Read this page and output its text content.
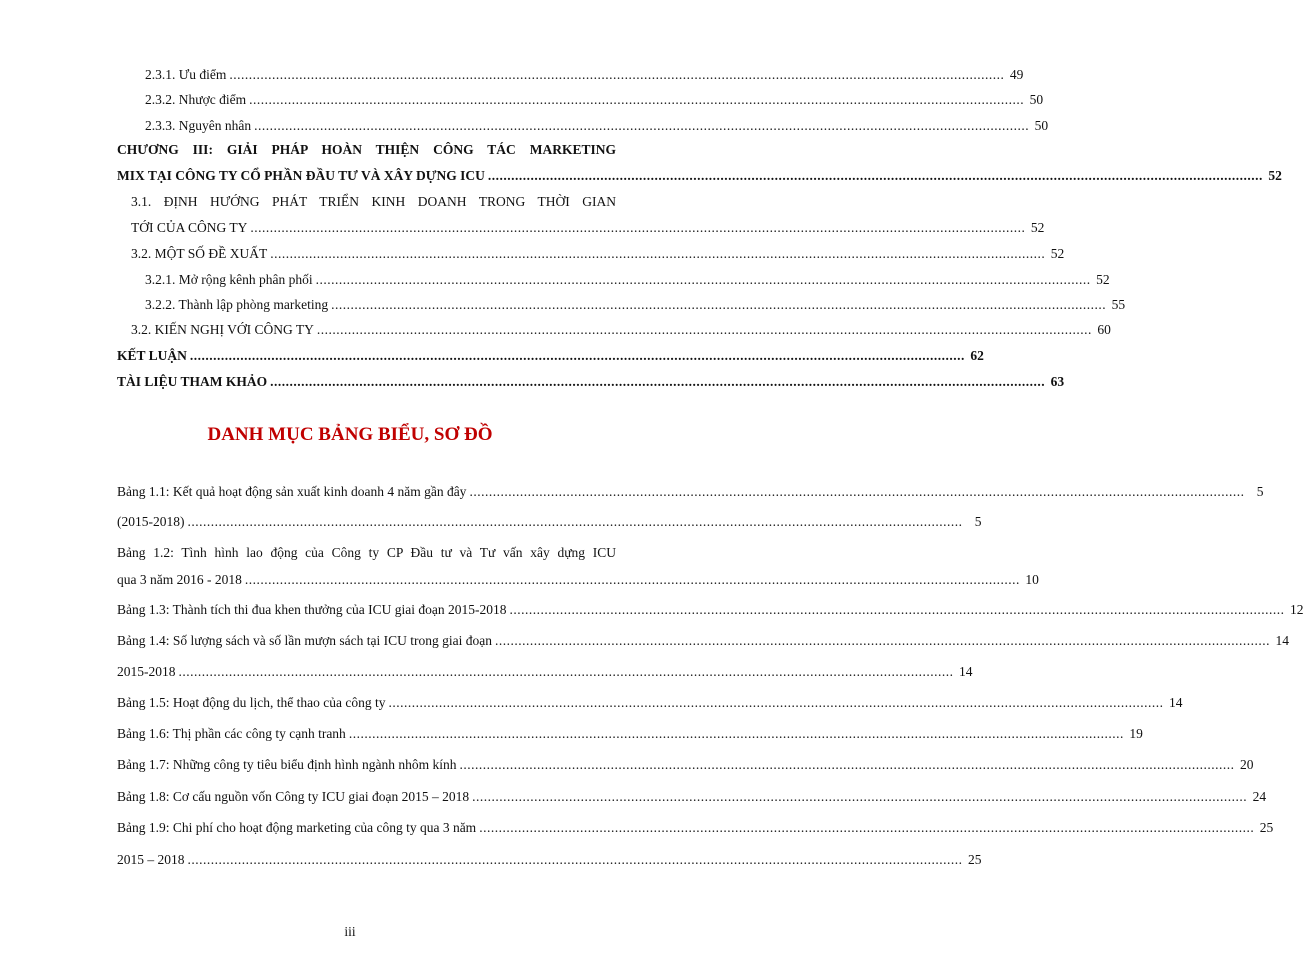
2.3.1. Ưu điểm ........................................................................................................................................................................................................ 49
2.3.2. Nhược điểm ........................................................................................................................................................................................................ 50
2.3.3. Nguyên nhân ........................................................................................................................................................................................................ 50
CHƯƠNG III: GIẢI PHÁP HOÀN THIỆN CÔNG TÁC MARKETING
MIX TẠI CÔNG TY CỔ PHẦN ĐẦU TƯ VÀ XÂY DỰNG ICU ........................................................................................................................................................................................................ 52
3.1. ĐỊNH HƯỚNG PHÁT TRIỂN KINH DOANH TRONG THỜI GIAN
TỚI CỦA CÔNG TY ........................................................................................................................................................................................................ 52
3.2. MỘT SỐ ĐỀ XUẤT ........................................................................................................................................................................................................ 52
3.2.1. Mở rộng kênh phân phối ........................................................................................................................................................................................................ 52
3.2.2. Thành lập phòng marketing ........................................................................................................................................................................................................ 55
3.2. KIẾN NGHỊ VỚI CÔNG TY ........................................................................................................................................................................................................ 60
KẾT LUẬN ........................................................................................................................................................................................................ 62
TÀI LIỆU THAM KHẢO ........................................................................................................................................................................................................ 63
DANH MỤC BẢNG BIỂU, SƠ ĐỒ
Bảng 1.1: Kết quả hoạt động sản xuất kinh doanh 4 năm gần đây ........................................................................................................................................................................................................ 5
(2015-2018) ........................................................................................................................................................................................................ 5
Bảng 1.2: Tình hình lao động của Công ty CP Đầu tư và Tư vấn xây dựng ICU
qua 3 năm 2016 - 2018 ........................................................................................................................................................................................................ 10
Bảng 1.3: Thành tích thi đua khen thưởng của ICU giai đoạn 2015-2018 ........................................................................................................................................................................................................ 12
Bảng 1.4: Số lượng sách và số lần mượn sách tại ICU trong giai đoạn ........................................................................................................................................................................................................ 14
2015-2018 ........................................................................................................................................................................................................ 14
Bảng 1.5: Hoạt động du lịch, thể thao của công ty ........................................................................................................................................................................................................ 14
Bảng 1.6: Thị phần các công ty cạnh tranh ........................................................................................................................................................................................................ 19
Bảng 1.7: Những công ty tiêu biểu định hình ngành nhôm kính ........................................................................................................................................................................................................ 20
Bảng 1.8: Cơ cấu nguồn vốn Công ty ICU giai đoạn 2015 – 2018 ........................................................................................................................................................................................................ 24
Bảng 1.9: Chi phí cho hoạt động marketing của công ty qua 3 năm ........................................................................................................................................................................................................ 25
2015 – 2018 ........................................................................................................................................................................................................ 25
iii
